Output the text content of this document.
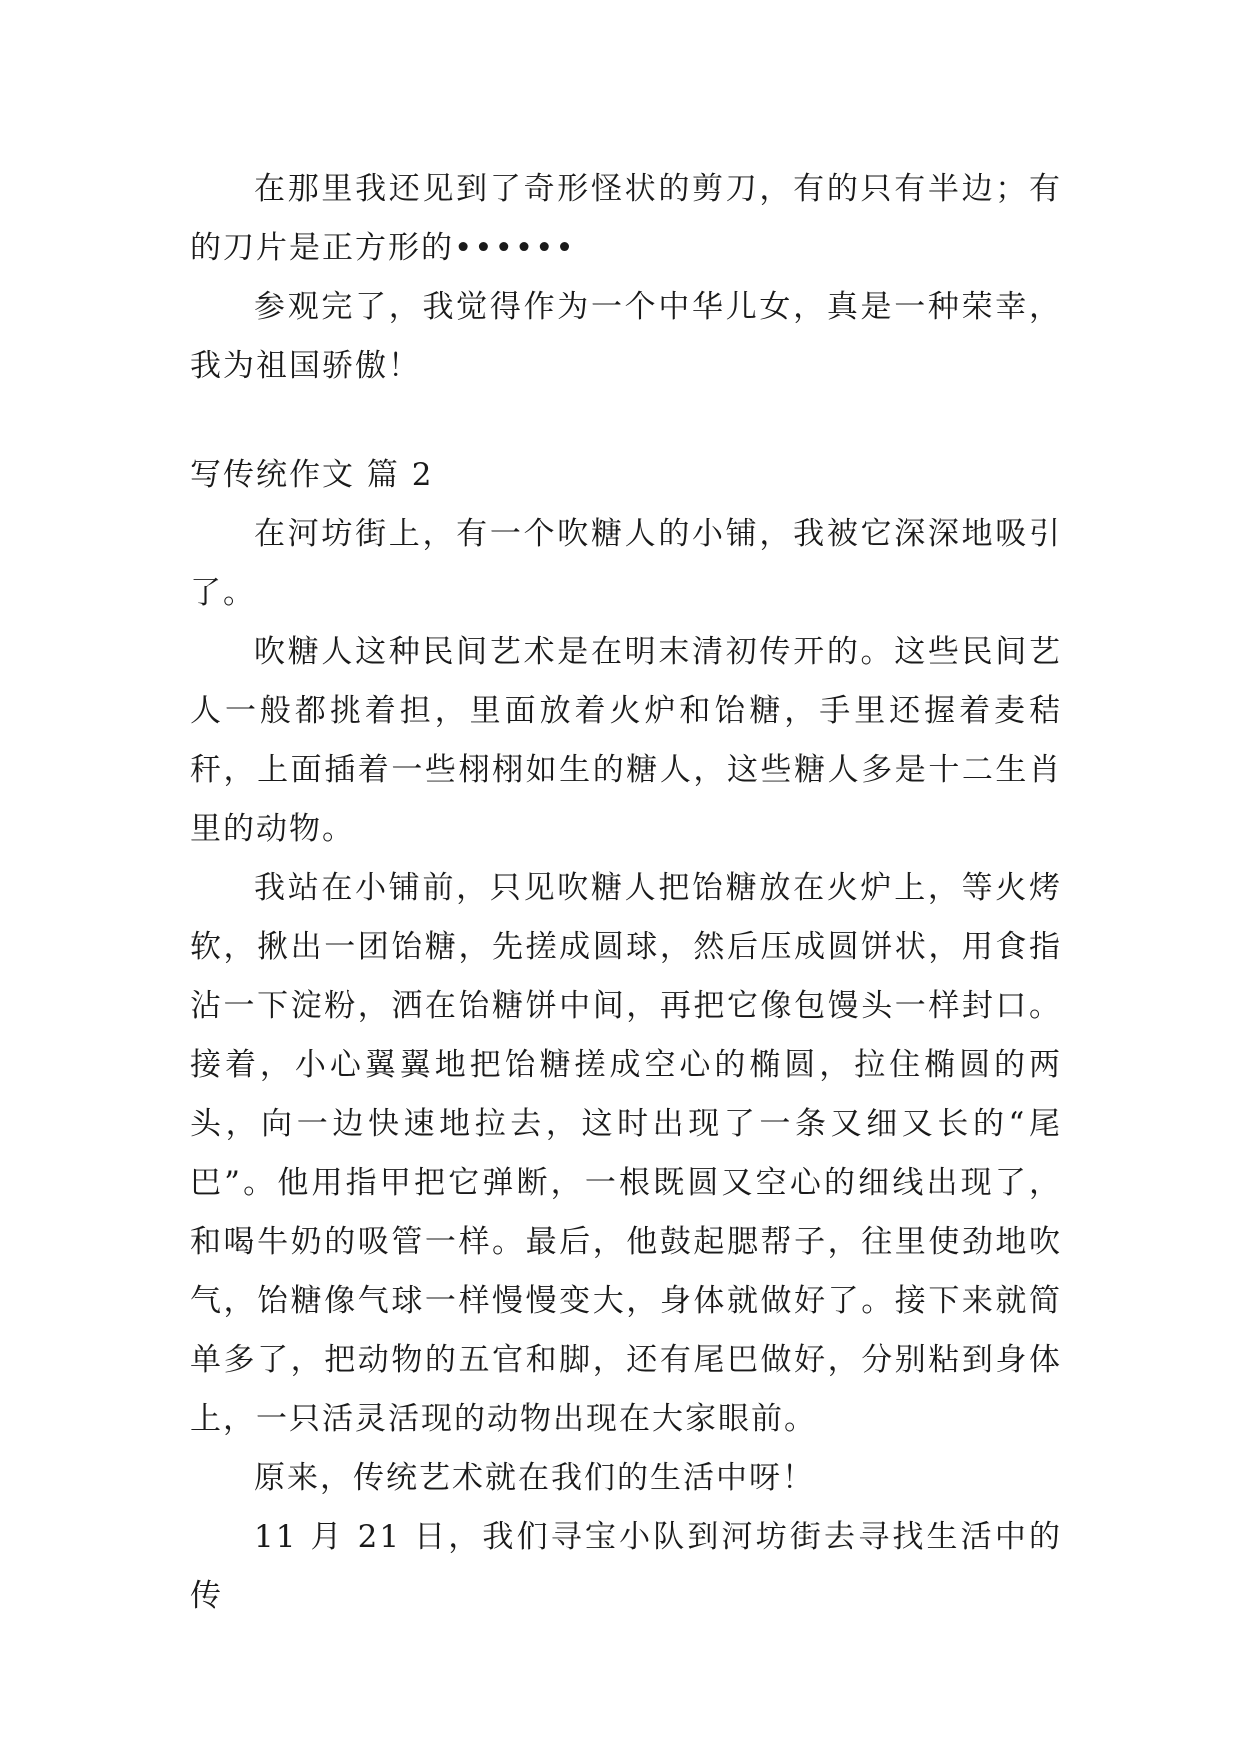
在那里我还见到了奇形怪状的剪刀，有的只有半边；有的刀片是正方形的••••••

参观完了，我觉得作为一个中华儿女，真是一种荣幸，我为祖国骄傲！

写传统作文 篇 2

在河坊街上，有一个吹糖人的小铺，我被它深深地吸引了。

吹糖人这种民间艺术是在明末清初传开的。这些民间艺人一般都挑着担，里面放着火炉和饴糖，手里还握着麦秸秆，上面插着一些栩栩如生的糖人，这些糖人多是十二生肖里的动物。

我站在小铺前，只见吹糖人把饴糖放在火炉上，等火烤软，揪出一团饴糖，先搓成圆球，然后压成圆饼状，用食指沾一下淀粉，洒在饴糖饼中间，再把它像包馒头一样封口。接着，小心翼翼地把饴糖搓成空心的椭圆，拉住椭圆的两头，向一边快速地拉去，这时出现了一条又细又长的“尾巴”。他用指甲把它弹断，一根既圆又空心的细线出现了，和喝牛奶的吸管一样。最后，他鼓起腮帮子，往里使劲地吹气，饴糖像气球一样慢慢变大，身体就做好了。接下来就简单多了，把动物的五官和脚，还有尾巴做好，分别粘到身体上，一只活灵活现的动物出现在大家眼前。

原来，传统艺术就在我们的生活中呀！

11 月 21 日，我们寻宝小队到河坊街去寻找生活中的传
